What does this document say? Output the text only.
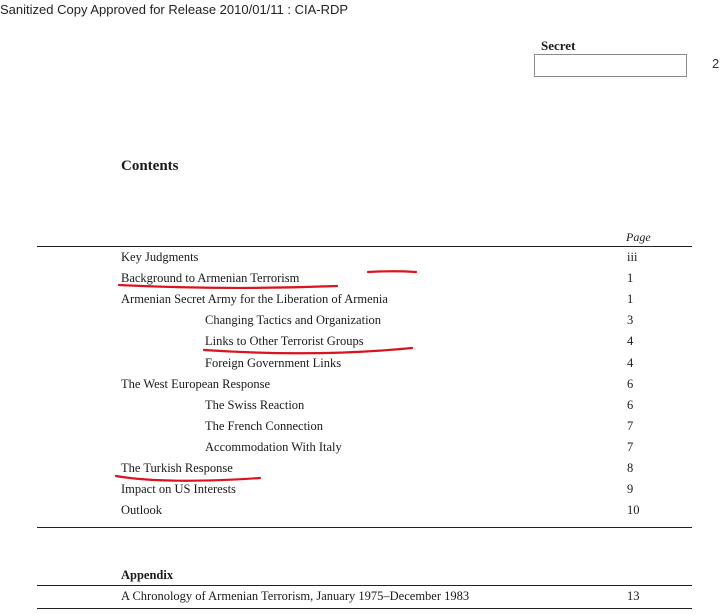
Sanitized Copy Approved for Release 2010/01/11 : CIA-RDP
Secret
2
Contents
Page
Key Judgments	iii
Background to Armenian Terrorism	1
Armenian Secret Army for the Liberation of Armenia	1
Changing Tactics and Organization	3
Links to Other Terrorist Groups	4
Foreign Government Links	4
The West European Response	6
The Swiss Reaction	6
The French Connection	7
Accommodation With Italy	7
The Turkish Response	8
Impact on US Interests	9
Outlook	10
Appendix
A Chronology of Armenian Terrorism, January 1975–December 1983	13
